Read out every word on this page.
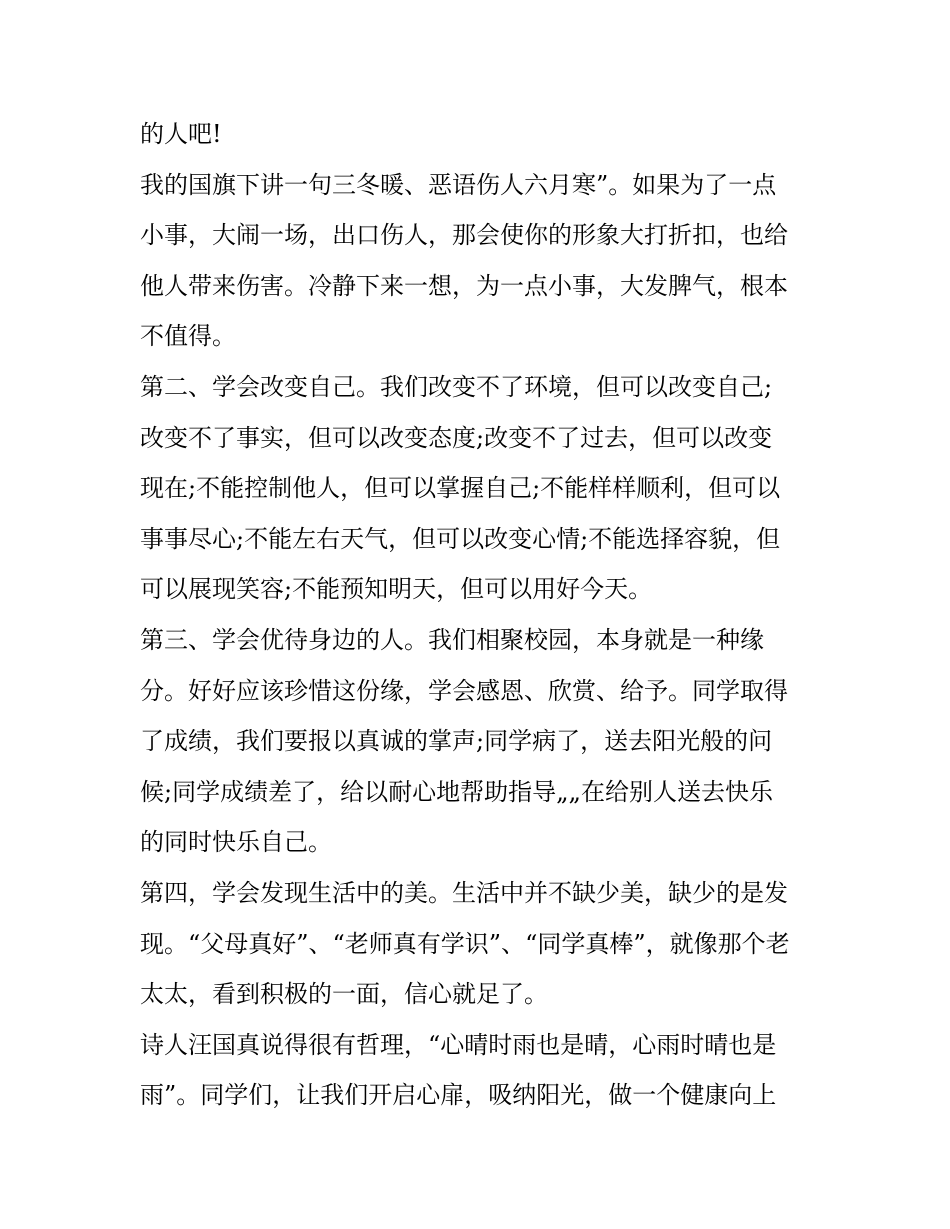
的人吧!
我的国旗下讲一句三冬暖、恶语伤人六月寒”。如果为了一点
小事，大闹一场，出口伤人，那会使你的形象大打折扣，也给
他人带来伤害。冷静下来一想，为一点小事，大发脾气，根本
不值得。
第二、学会改变自己。我们改变不了环境，但可以改变自己;
改变不了事实，但可以改变态度;改变不了过去，但可以改变
现在;不能控制他人，但可以掌握自己;不能样样顺利，但可以
事事尽心;不能左右天气，但可以改变心情;不能选择容貌，但
可以展现笑容;不能预知明天，但可以用好今天。
第三、学会优待身边的人。我们相聚校园，本身就是一种缘
分。好好应该珍惜这份缘，学会感恩、欣赏、给予。同学取得
了成绩，我们要报以真诚的掌声;同学病了，送去阳光般的问
候;同学成绩差了，给以耐心地帮助指导„„在给别人送去快乐
的同时快乐自己。
第四，学会发现生活中的美。生活中并不缺少美，缺少的是发
现。“父母真好”、“老师真有学识”、“同学真棒”，就像那个老
太太，看到积极的一面，信心就足了。
诗人汪国真说得很有哲理，“心晴时雨也是晴，心雨时晴也是
雨”。同学们，让我们开启心扉，吸纳阳光，做一个健康向上
